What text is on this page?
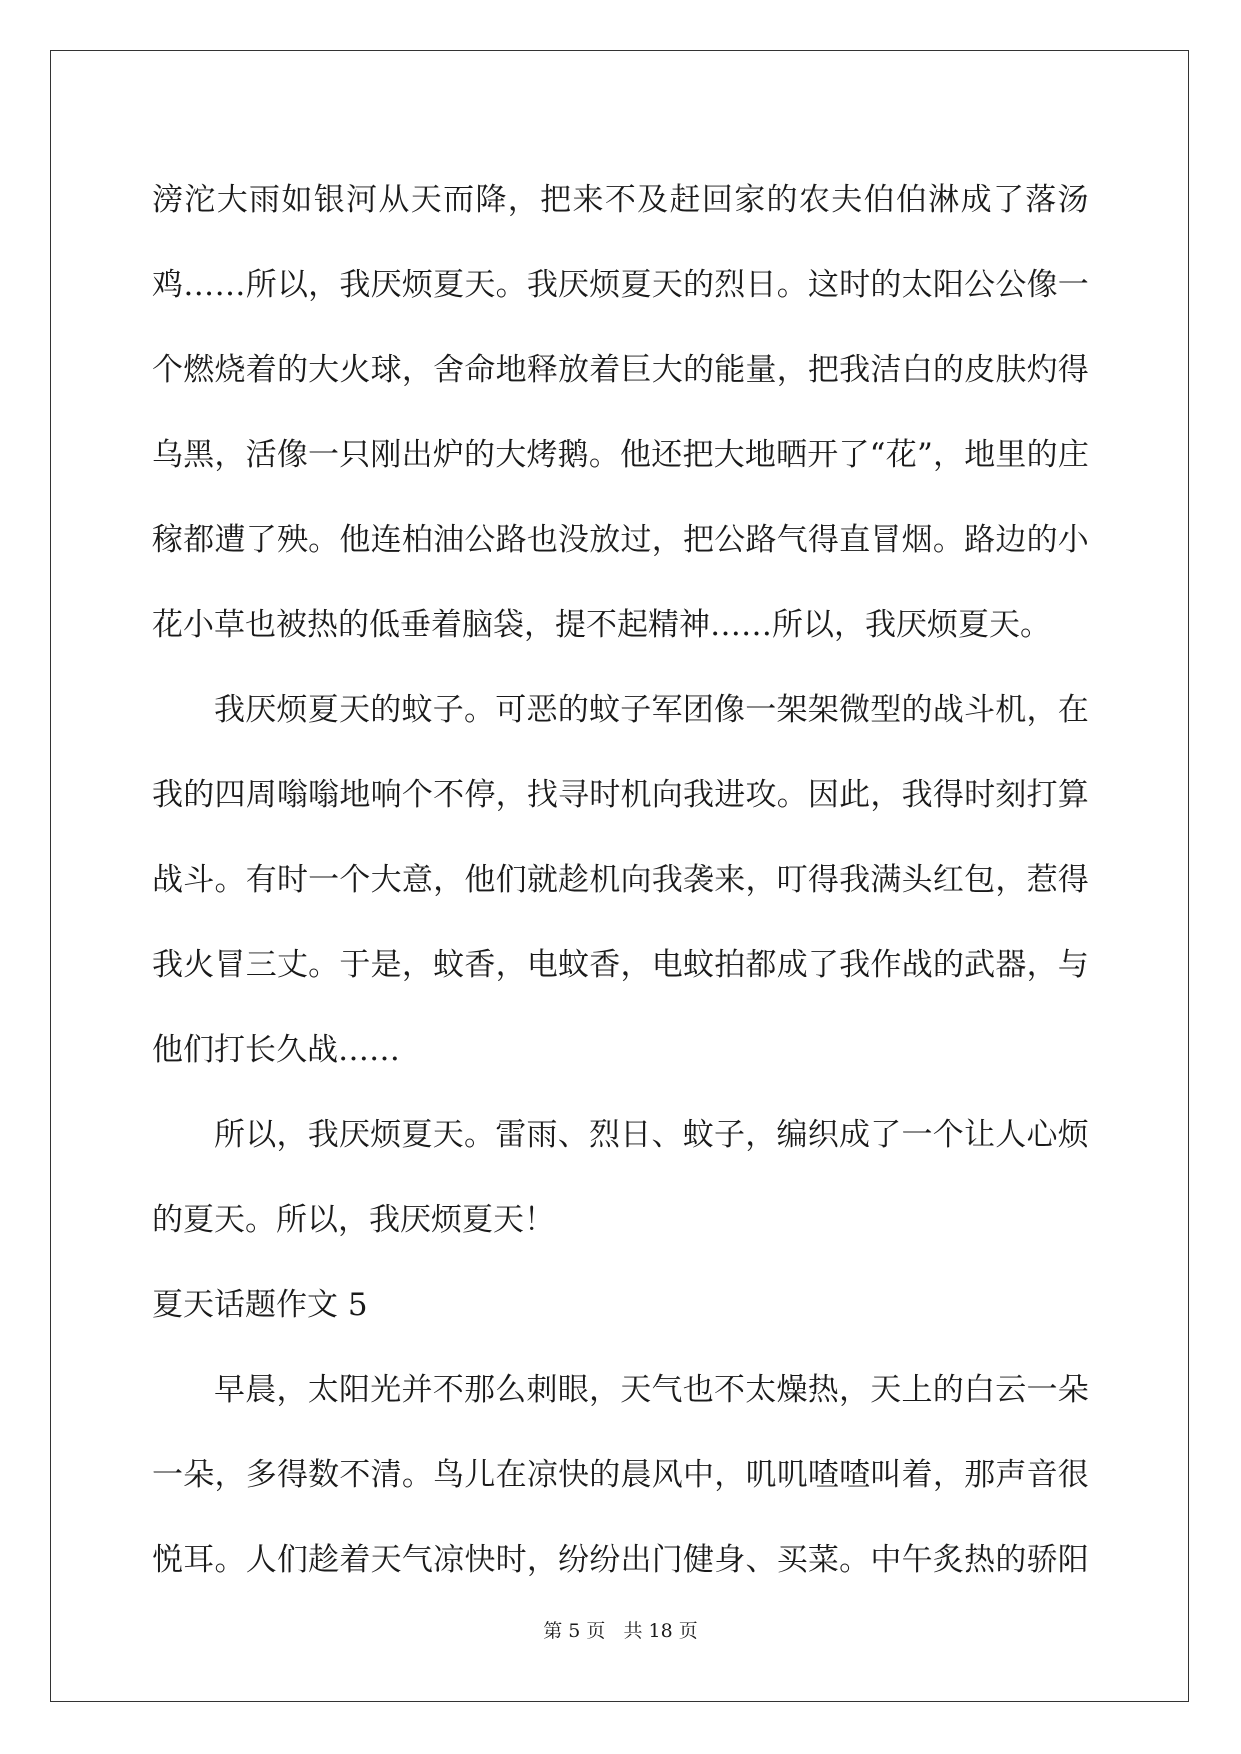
滂 沱 大 雨 如 银 河 从 天 而 降 ， 把 来 不 及 赶 回 家 的 农 夫 伯 伯 淋 成 了 落 汤
鸡 … … 所 以 ， 我 厌 烦 夏 天 。 我 厌 烦 夏 天 的 烈 日 。 这 时 的 太 阳 公 公 像 一
个 燃 烧 着 的 大 火 球 ， 舍 命 地 释 放 着 巨 大 的 能 量 ， 把 我 洁 白 的 皮 肤 灼 得
乌 黑 ， 活 像 一 只 刚 出 炉 的 大 烤 鹅 。 他 还 把 大 地 晒 开 了 “ 花 ” ， 地 里 的 庄
稼 都 遭 了 殃 。 他 连 柏 油 公 路 也 没 放 过 ， 把 公 路 气 得 直 冒 烟 。 路 边 的 小
花小草也被热的低垂着脑袋，提不起精神……所以，我厌烦夏天。
我 厌 烦 夏 天 的 蚊 子 。 可 恶 的 蚊 子 军 团 像 一 架 架 微 型 的 战 斗 机 ， 在
我 的 四 周 嗡 嗡 地 响 个 不 停 ， 找 寻 时 机 向 我 进 攻 。 因 此 ， 我 得 时 刻 打 算
战 斗 。 有 时 一 个 大 意 ， 他 们 就 趁 机 向 我 袭 来 ， 叮 得 我 满 头 红 包 ， 惹 得
我 火 冒 三 丈 。 于 是 ， 蚊 香 ， 电 蚊 香 ， 电 蚊 拍 都 成 了 我 作 战 的 武 器 ， 与
他们打长久战……
所 以 ， 我 厌 烦 夏 天 。 雷 雨 、 烈 日 、 蚊 子 ， 编 织 成 了 一 个 让 人 心 烦
的夏天。所以，我厌烦夏天！
夏天话题作文 5
早 晨 ， 太 阳 光 并 不 那 么 刺 眼 ， 天 气 也 不 太 燥 热 ， 天 上 的 白 云 一 朵
一 朵 ， 多 得 数 不 清 。 鸟 儿 在 凉 快 的 晨 风 中 ， 叽 叽 喳 喳 叫 着 ， 那 声 音 很
悦 耳 。 人 们 趁 着 天 气 凉 快 时 ， 纷 纷 出 门 健 身 、 买 菜 。 中 午 炙 热 的 骄 阳
第 5 页 共 18 页
